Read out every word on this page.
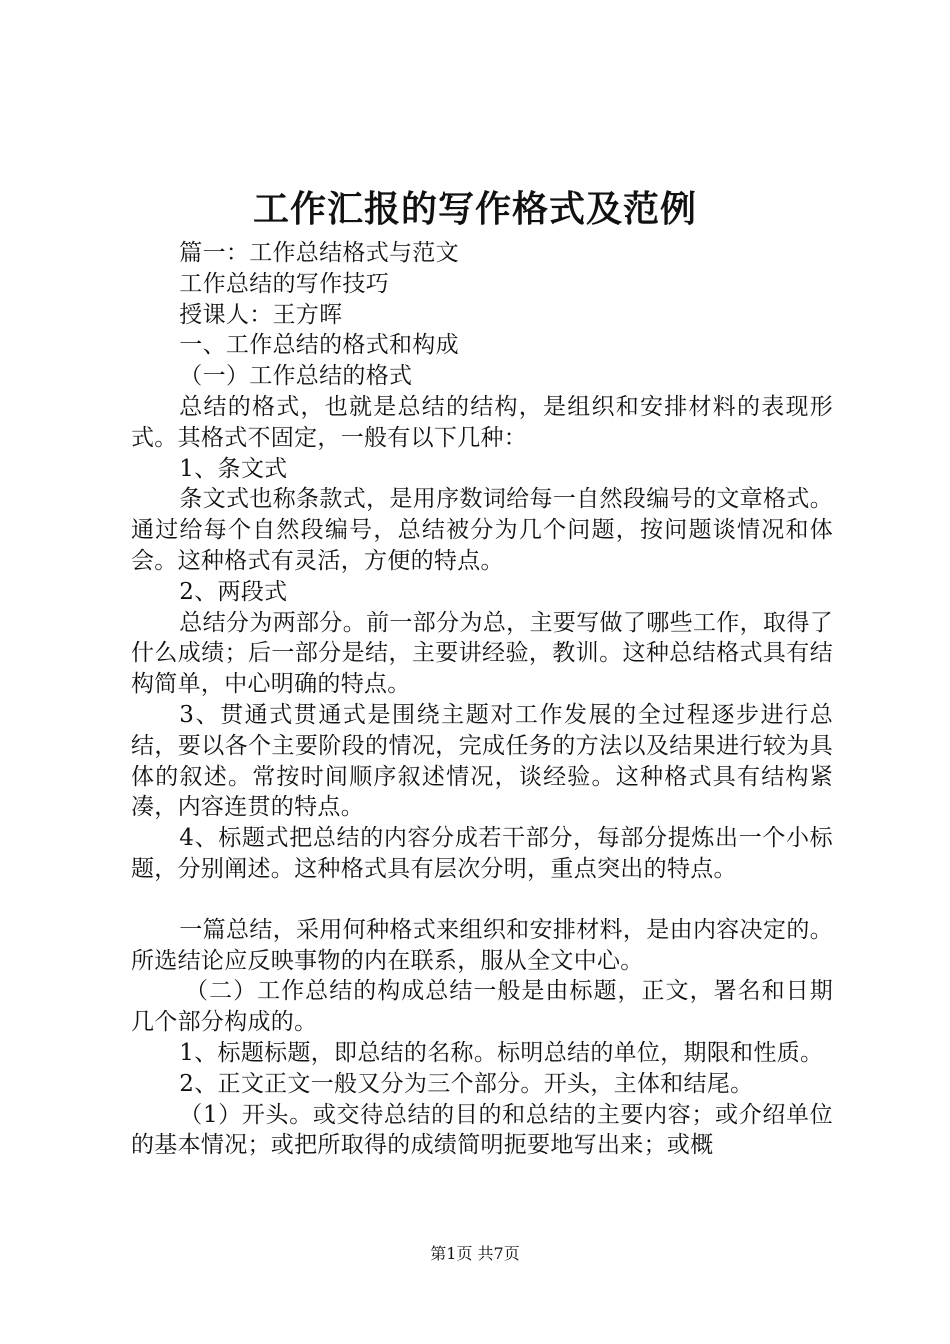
工作汇报的写作格式及范例

篇一：工作总结格式与范文

工作总结的写作技巧

授课人：王方晖

一、工作总结的格式和构成

（一）工作总结的格式

总结的格式，也就是总结的结构，是组织和安排材料的表现形式。其格式不固定，一般有以下几种：

1、条文式

条文式也称条款式，是用序数词给每一自然段编号的文章格式。通过给每个自然段编号，总结被分为几个问题，按问题谈情况和体会。这种格式有灵活，方便的特点。

2、两段式

总结分为两部分。前一部分为总，主要写做了哪些工作，取得了什么成绩；后一部分是结，主要讲经验，教训。这种总结格式具有结构简单，中心明确的特点。

3、贯通式贯通式是围绕主题对工作发展的全过程逐步进行总结，要以各个主要阶段的情况，完成任务的方法以及结果进行较为具体的叙述。常按时间顺序叙述情况，谈经验。这种格式具有结构紧凑，内容连贯的特点。

4、标题式把总结的内容分成若干部分，每部分提炼出一个小标题，分别阐述。这种格式具有层次分明，重点突出的特点。

一篇总结，采用何种格式来组织和安排材料，是由内容决定的。所选结论应反映事物的内在联系，服从全文中心。

（二）工作总结的构成总结一般是由标题，正文，署名和日期几个部分构成的。

1、标题标题，即总结的名称。标明总结的单位，期限和性质。

2、正文正文一般又分为三个部分。开头，主体和结尾。

（1）开头。或交待总结的目的和总结的主要内容；或介绍单位的基本情况；或把所取得的成绩简明扼要地写出来；或概

第1页 共7页
